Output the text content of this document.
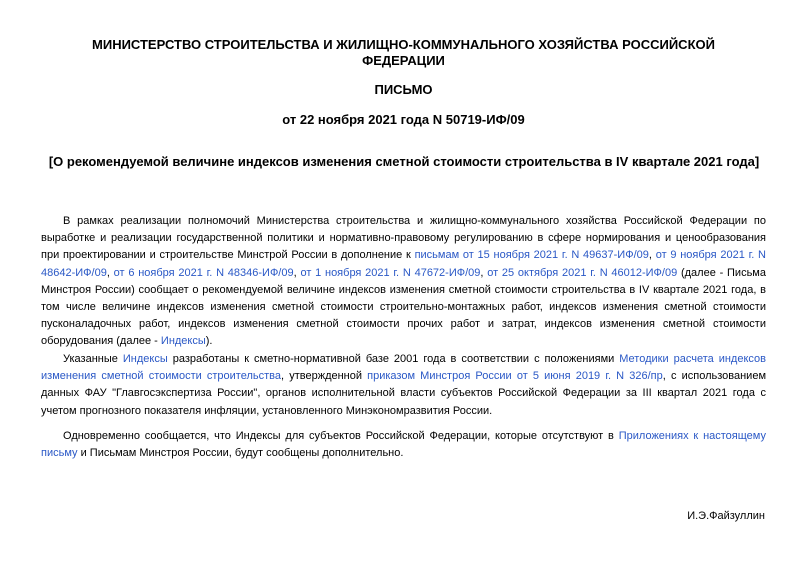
МИНИСТЕРСТВО СТРОИТЕЛЬСТВА И ЖИЛИЩНО-КОММУНАЛЬНОГО ХОЗЯЙСТВА РОССИЙСКОЙ ФЕДЕРАЦИИ
ПИСЬМО
от 22 ноября 2021 года N 50719-ИФ/09
[О рекомендуемой величине индексов изменения сметной стоимости строительства в IV квартале 2021 года]

В рамках реализации полномочий Министерства строительства и жилищно-коммунального хозяйства Российской Федерации по выработке и реализации государственной политики и нормативно-правовому регулированию в сфере нормирования и ценообразования при проектировании и строительстве Минстрой России в дополнение к письмам от 15 ноября 2021 г. N 49637-ИФ/09, от 9 ноября 2021 г. N 48642-ИФ/09, от 6 ноября 2021 г. N 48346-ИФ/09, от 1 ноября 2021 г. N 47672-ИФ/09, от 25 октября 2021 г. N 46012-ИФ/09 (далее - Письма Минстроя России) сообщает о рекомендуемой величине индексов изменения сметной стоимости строительства в IV квартале 2021 года, в том числе величине индексов изменения сметной стоимости строительно-монтажных работ, индексов изменения сметной стоимости пусконаладочных работ, индексов изменения сметной стоимости прочих работ и затрат, индексов изменения сметной стоимости оборудования (далее - Индексы).

Указанные Индексы разработаны к сметно-нормативной базе 2001 года в соответствии с положениями Методики расчета индексов изменения сметной стоимости строительства, утвержденной приказом Минстроя России от 5 июня 2019 г. N 326/пр, с использованием данных ФАУ "Главгосэкспертиза России", органов исполнительной власти субъектов Российской Федерации за III квартал 2021 года с учетом прогнозного показателя инфляции, установленного Минэкономразвития России.

Одновременно сообщается, что Индексы для субъектов Российской Федерации, которые отсутствуют в Приложениях к настоящему письму и Письмам Минстроя России, будут сообщены дополнительно.

И.Э.Файзуллин
